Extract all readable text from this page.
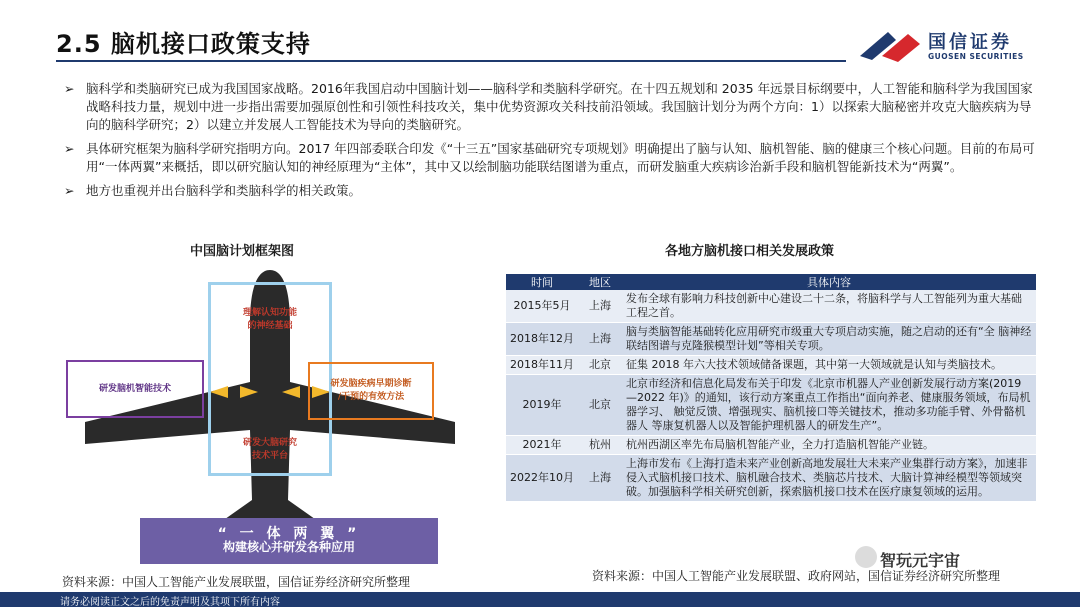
2.5 脑机接口政策支持	国信证券
GUOSEN SECURITIES
➢ 脑科学和类脑研究已成为我国国家战略。2016年我国启动中国脑计划——脑科学和类脑科学研究。在十四五规划和 2035 年远景目标纲要中，人工智能和脑科学为我国国家战略科技力量，规划中进一步指出需要加强原创性和引领性科技攻关，集中优势资源攻关科技前沿领域。我国脑计划分为两个方向：1）以探索大脑秘密并攻克大脑疾病为导向的脑科学研究；2）以建立并发展人工智能技术为导向的类脑研究。
➢ 具体研究框架为脑科学研究指明方向。2017 年四部委联合印发《“十三五”国家基础研究专项规划》明确提出了脑与认知、脑机智能、脑的健康三个核心问题。目前的布局可用“一体两翼”来概括，即以研究脑认知的神经原理为“主体”，其中又以绘制脑功能联结图谱为重点，而研发脑重大疾病诊治新手段和脑机智能新技术为“两翼”。
➢ 地方也重视并出台脑科学和类脑科学的相关政策。
中国脑计划框架图
理解认知功能
的神经基础
研发大脑研究
技术平台
研发脑机智能技术	研发脑疾病早期诊断
/干预的有效方法
“ 一 体 两 翼 ”
构建核心并研发各种应用
资料来源：中国人工智能产业发展联盟，国信证券经济研究所整理
各地方脑机接口相关发展政策
时间	地区	具体内容
2015年5月	上海	发布全球有影响力科技创新中心建设二十二条，将脑科学与人工智能列为重大基础工程之首。
2018年12月	上海	脑与类脑智能基础转化应用研究市级重大专项启动实施，随之启动的还有“全 脑神经联结图谱与克隆猴模型计划”等相关专项。
2018年11月	北京	征集 2018 年六大技术领域储备课题，其中第一大领域就是认知与类脑技术。
2019年	北京	北京市经济和信息化局发布关于印发《北京市机器人产业创新发展行动方案(2019—2022 年)》的通知，该行动方案重点工作指出“面向养老、健康服务领域，布局机器学习、 触觉反馈、增强现实、脑机接口等关键技术，推动多功能手臂、外骨骼机器人 等康复机器人以及智能护理机器人的研发生产”。
2021年	杭州	杭州西湖区率先布局脑机智能产业，全力打造脑机智能产业链。
2022年10月	上海	上海市发布《上海打造未来产业创新高地发展壮大未来产业集群行动方案》，加速非侵入式脑机接口技术、脑机融合技术、类脑芯片技术、大脑计算神经模型等领域突破。加强脑科学相关研究创新，探索脑机接口技术在医疗康复领域的运用。
资料来源：中国人工智能产业发展联盟、政府网站，国信证券经济研究所整理
智玩元宇宙
请务必阅读正文之后的免责声明及其项下所有内容
